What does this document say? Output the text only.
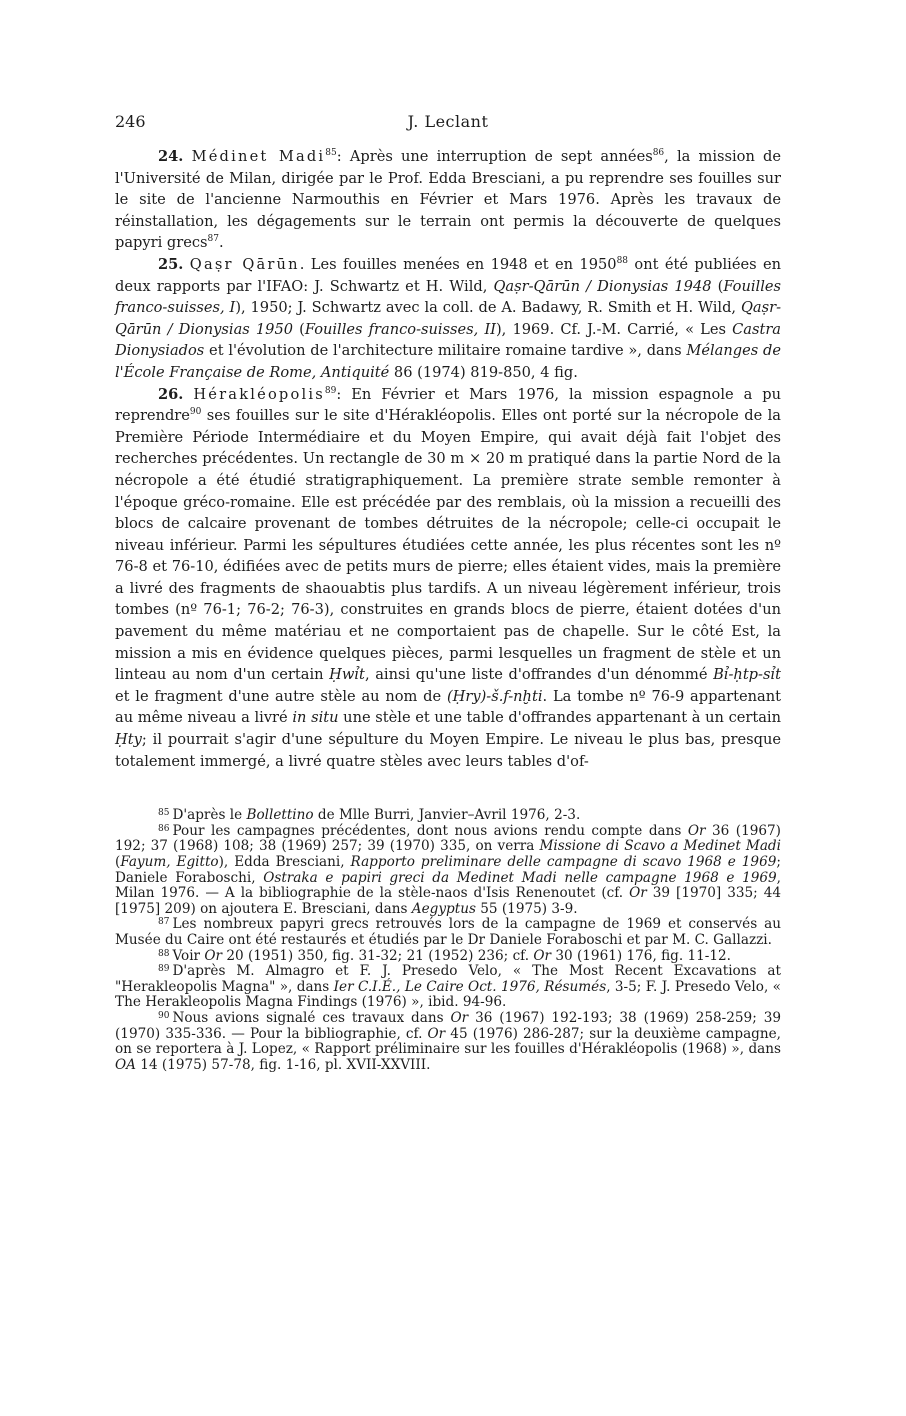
246	J. Leclant

24. Médinet Madi$^{85}$: Après une interruption de sept années$^{86}$, la mission de l'Université de Milan, dirigée par le Prof. Edda Bresciani, a pu reprendre ses fouilles sur le site de l'ancienne Narmouthis en Février et Mars 1976. Après les travaux de réinstallation, les dégagements sur le terrain ont permis la découverte de quelques papyri grecs$^{87}$.

25. Qaṣr Qārūn. Les fouilles menées en 1948 et en 1950$^{88}$ ont été publiées en deux rapports par l'IFAO: J. Schwartz et H. Wild, Qaṣr-Qārūn / Dionysias 1948 (Fouilles franco-suisses, I), 1950; J. Schwartz avec la coll. de A. Badawy, R. Smith et H. Wild, Qaṣr-Qārūn / Dionysias 1950 (Fouilles franco-suisses, II), 1969. Cf. J.-M. Carrié, « Les Castra Dionysiados et l'évolution de l'architecture militaire romaine tardive », dans Mélanges de l'École Française de Rome, Antiquité 86 (1974) 819-850, 4 fig.

26. Hérakléopolis$^{89}$: En Février et Mars 1976, la mission espagnole a pu reprendre$^{90}$ ses fouilles sur le site d'Hérakléopolis. Elles ont porté sur la nécropole de la Première Période Intermédiaire et du Moyen Empire, qui avait déjà fait l'objet des recherches précédentes. Un rectangle de 30 m × 20 m pratiqué dans la partie Nord de la nécropole a été étudié stratigraphiquement. La première strate semble remonter à l'époque gréco-romaine. Elle est précédée par des remblais, où la mission a recueilli des blocs de calcaire provenant de tombes détruites de la nécropole; celle-ci occupait le niveau inférieur. Parmi les sépultures étudiées cette année, les plus récentes sont les nº 76-8 et 76-10, édifiées avec de petits murs de pierre; elles étaient vides, mais la première a livré des fragments de shaouabtis plus tardifs. A un niveau légèrement inférieur, trois tombes (nº 76-1; 76-2; 76-3), construites en grands blocs de pierre, étaient dotées d'un pavement du même matériau et ne comportaient pas de chapelle. Sur le côté Est, la mission a mis en évidence quelques pièces, parmi lesquelles un fragment de stèle et un linteau au nom d'un certain Ḥwỉt, ainsi qu'une liste d'offrandes d'un dénommé Bỉ-ḥtp-sỉt et le fragment d'une autre stèle au nom de (Ḥry)-š.f-nḫti. La tombe nº 76-9 appartenant au même niveau a livré in situ une stèle et une table d'offrandes appartenant à un certain Ḥty; il pourrait s'agir d'une sépulture du Moyen Empire. Le niveau le plus bas, presque totalement immergé, a livré quatre stèles avec leurs tables d'of-

$^{85}$ D'après le Bollettino de Mlle Burri, Janvier–Avril 1976, 2-3.

$^{86}$ Pour les campagnes précédentes, dont nous avions rendu compte dans Or 36 (1967) 192; 37 (1968) 108; 38 (1969) 257; 39 (1970) 335, on verra Missione di Scavo a Medinet Madi (Fayum, Egitto), Edda Bresciani, Rapporto preliminare delle campagne di scavo 1968 e 1969; Daniele Foraboschi, Ostraka e papiri greci da Medinet Madi nelle campagne 1968 e 1969, Milan 1976. — A la bibliographie de la stèle-naos d'Isis Renenoutet (cf. Or 39 [1970] 335; 44 [1975] 209) on ajoutera E. Bresciani, dans Aegyptus 55 (1975) 3-9.

$^{87}$ Les nombreux papyri grecs retrouvés lors de la campagne de 1969 et conservés au Musée du Caire ont été restaurés et étudiés par le Dr Daniele Foraboschi et par M. C. Gallazzi.

$^{88}$ Voir Or 20 (1951) 350, fig. 31-32; 21 (1952) 236; cf. Or 30 (1961) 176, fig. 11-12.

$^{89}$ D'après M. Almagro et F. J. Presedo Velo, « The Most Recent Excavations at "Herakleopolis Magna" », dans Ier C.I.É., Le Caire Oct. 1976, Résumés, 3-5; F. J. Presedo Velo, « The Herakleopolis Magna Findings (1976) », ibid. 94-96.

$^{90}$ Nous avions signalé ces travaux dans Or 36 (1967) 192-193; 38 (1969) 258-259; 39 (1970) 335-336. — Pour la bibliographie, cf. Or 45 (1976) 286-287; sur la deuxième campagne, on se reportera à J. Lopez, « Rapport préliminaire sur les fouilles d'Hérakléopolis (1968) », dans OA 14 (1975) 57-78, fig. 1-16, pl. XVII-XXVIII.
